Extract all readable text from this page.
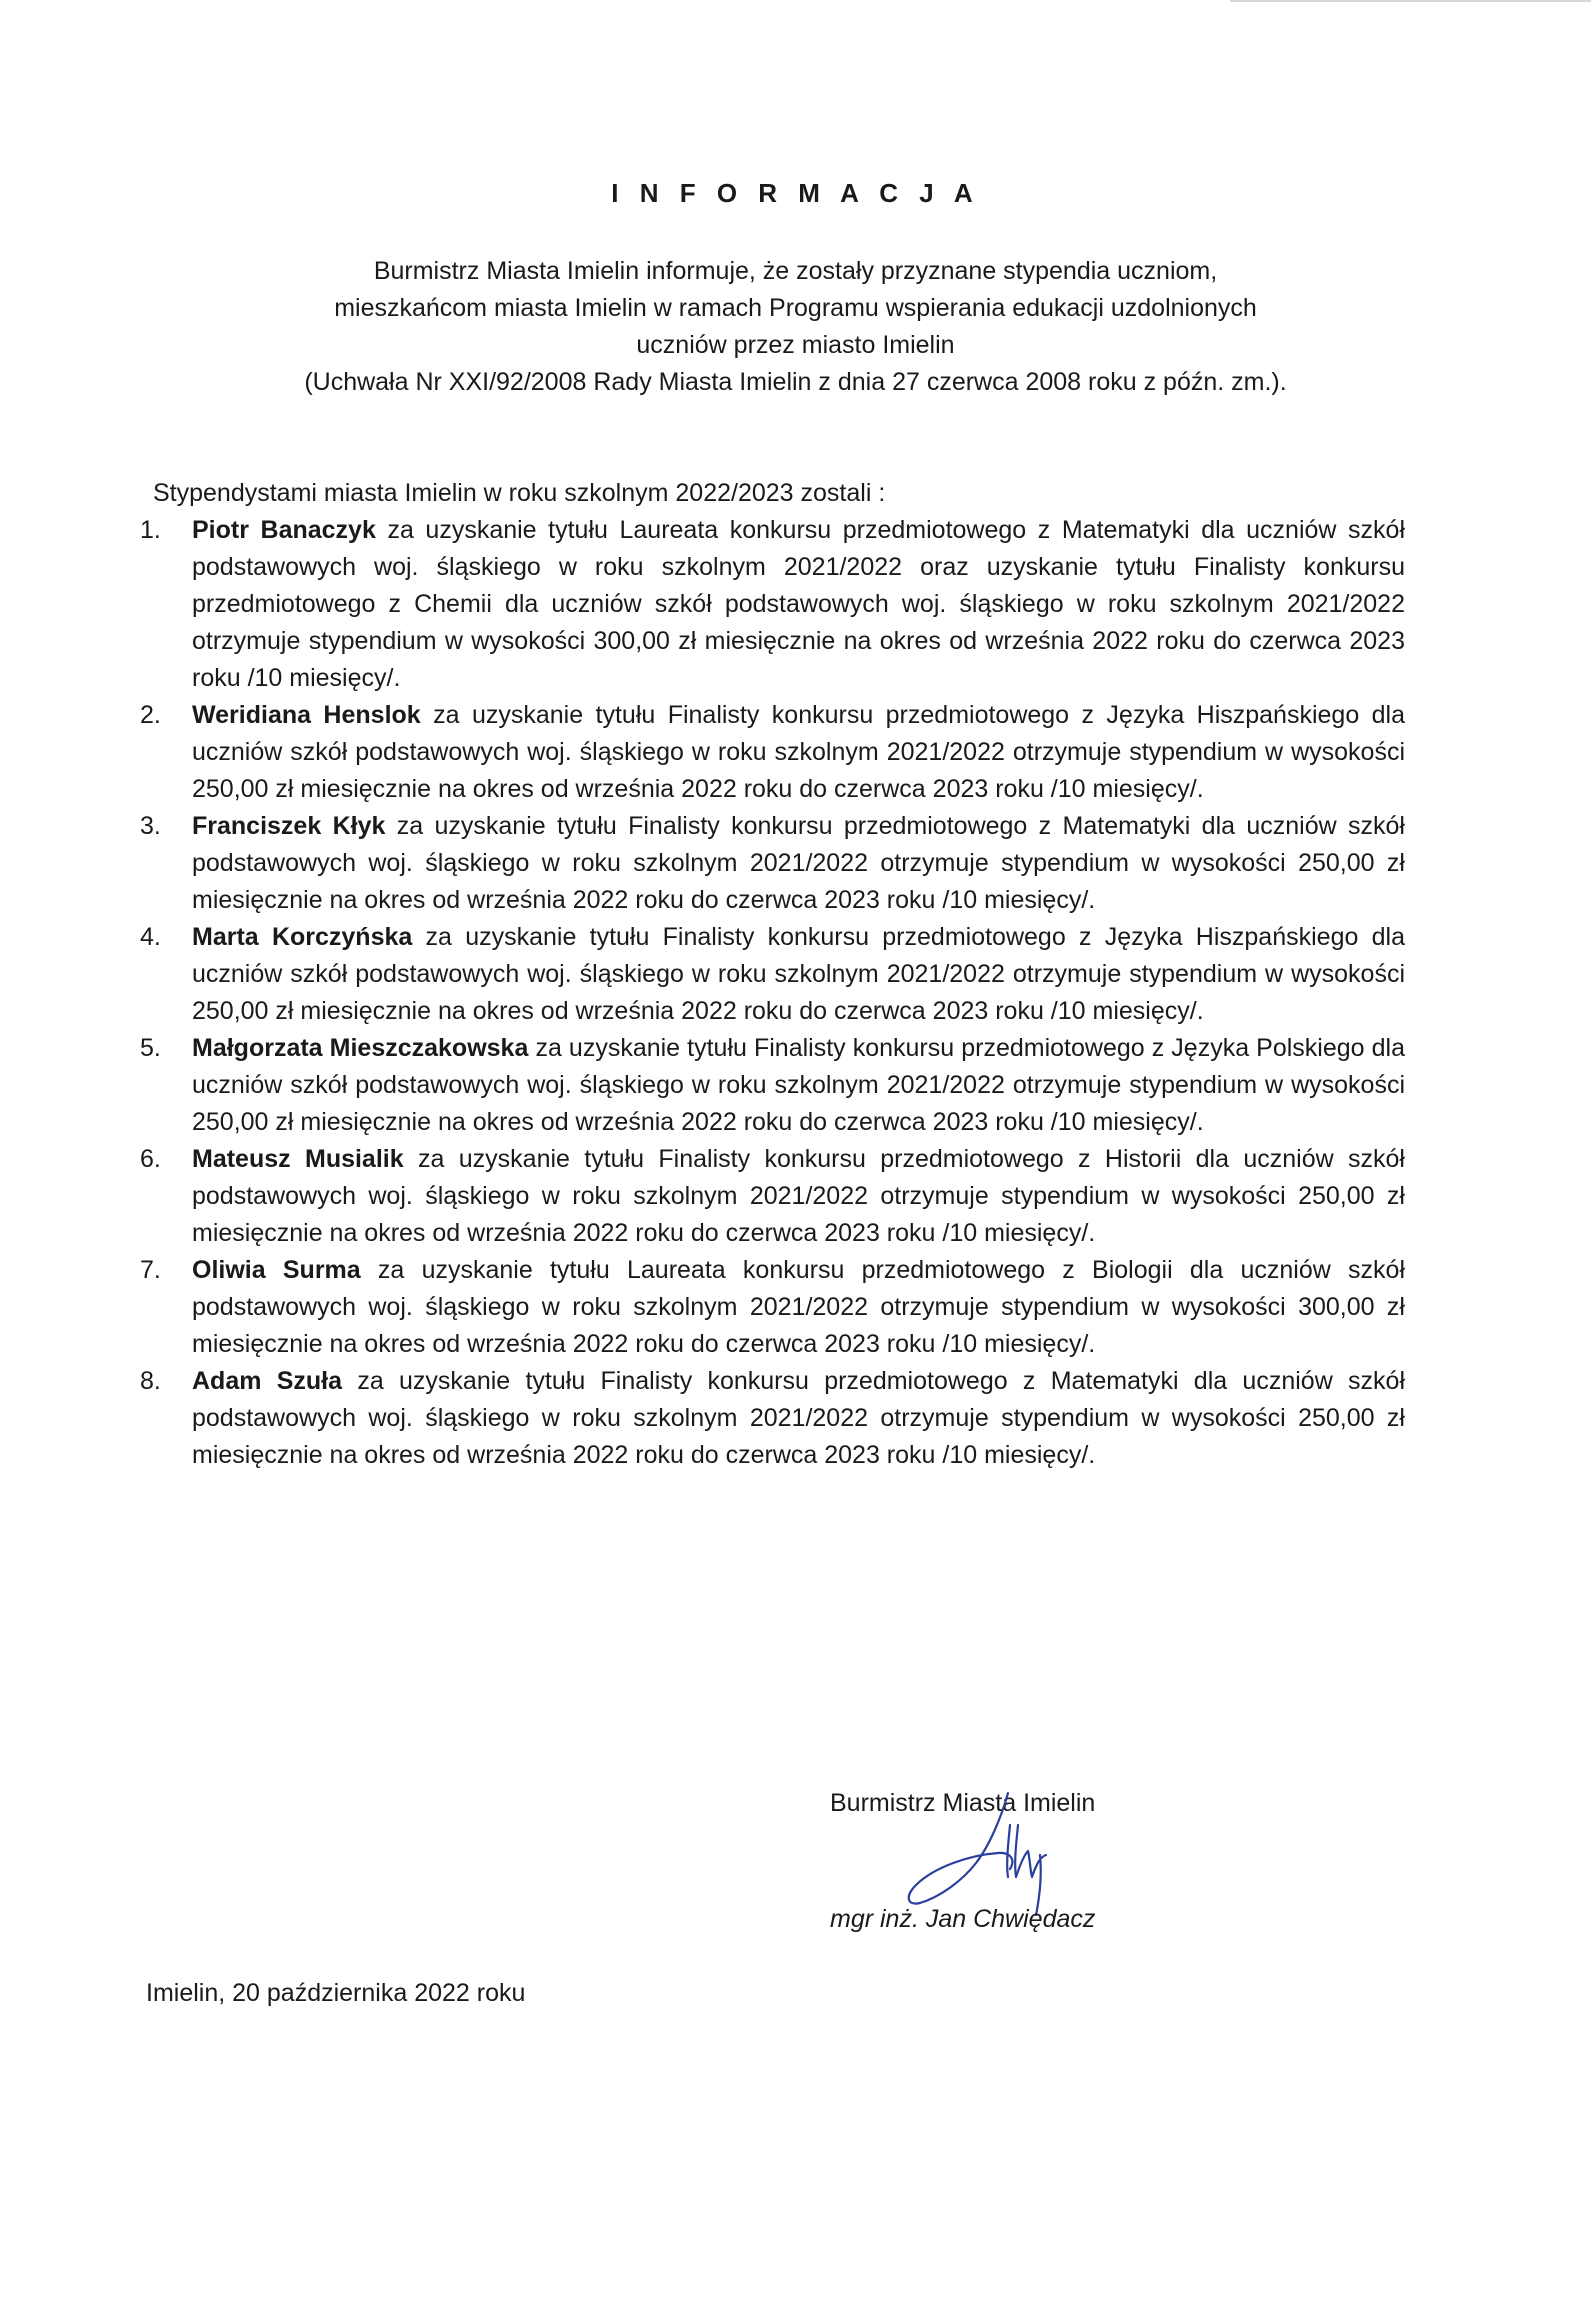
I N F O R M A C J A
Burmistrz Miasta Imielin informuje, że zostały przyznane stypendia uczniom,
mieszkańcom miasta Imielin w ramach Programu wspierania edukacji uzdolnionych
uczniów przez miasto Imielin
(Uchwała Nr XXI/92/2008 Rady Miasta Imielin z dnia 27 czerwca 2008 roku z późn. zm.).
Stypendystami miasta Imielin w roku szkolnym 2022/2023 zostali :
1. Piotr Banaczyk za uzyskanie tytułu Laureata konkursu przedmiotowego z Matematyki dla uczniów szkół podstawowych woj. śląskiego w roku szkolnym 2021/2022 oraz uzyskanie tytułu Finalisty konkursu przedmiotowego z Chemii dla uczniów szkół podstawowych woj. śląskiego w roku szkolnym 2021/2022 otrzymuje stypendium w wysokości 300,00 zł miesięcznie na okres od września 2022 roku do czerwca 2023 roku /10 miesięcy/.
2. Weridiana Henslok za uzyskanie tytułu Finalisty konkursu przedmiotowego z Języka Hiszpańskiego dla uczniów szkół podstawowych woj. śląskiego w roku szkolnym 2021/2022 otrzymuje stypendium w wysokości 250,00 zł miesięcznie na okres od września 2022 roku do czerwca 2023 roku /10 miesięcy/.
3. Franciszek Kłyk za uzyskanie tytułu Finalisty konkursu przedmiotowego z Matematyki dla uczniów szkół podstawowych woj. śląskiego w roku szkolnym 2021/2022 otrzymuje stypendium w wysokości 250,00 zł miesięcznie na okres od września 2022 roku do czerwca 2023 roku /10 miesięcy/.
4. Marta Korczyńska za uzyskanie tytułu Finalisty konkursu przedmiotowego z Języka Hiszpańskiego dla uczniów szkół podstawowych woj. śląskiego w roku szkolnym 2021/2022 otrzymuje stypendium w wysokości 250,00 zł miesięcznie na okres od września 2022 roku do czerwca 2023 roku /10 miesięcy/.
5. Małgorzata Mieszczakowska za uzyskanie tytułu Finalisty konkursu przedmiotowego z Języka Polskiego dla uczniów szkół podstawowych woj. śląskiego w roku szkolnym 2021/2022 otrzymuje stypendium w wysokości 250,00 zł miesięcznie na okres od września 2022 roku do czerwca 2023 roku /10 miesięcy/.
6. Mateusz Musialik za uzyskanie tytułu Finalisty konkursu przedmiotowego z Historii dla uczniów szkół podstawowych woj. śląskiego w roku szkolnym 2021/2022 otrzymuje stypendium w wysokości 250,00 zł miesięcznie na okres od września 2022 roku do czerwca 2023 roku /10 miesięcy/.
7. Oliwia Surma za uzyskanie tytułu Laureata konkursu przedmiotowego z Biologii dla uczniów szkół podstawowych woj. śląskiego w roku szkolnym 2021/2022 otrzymuje stypendium w wysokości 300,00 zł miesięcznie na okres od września 2022 roku do czerwca 2023 roku /10 miesięcy/.
8. Adam Szuła za uzyskanie tytułu Finalisty konkursu przedmiotowego z Matematyki dla uczniów szkół podstawowych woj. śląskiego w roku szkolnym 2021/2022 otrzymuje stypendium w wysokości 250,00 zł miesięcznie na okres od września 2022 roku do czerwca 2023 roku /10 miesięcy/.
Burmistrz Miasta Imielin
mgr inż. Jan Chwiędacz
Imielin, 20 października 2022 roku
